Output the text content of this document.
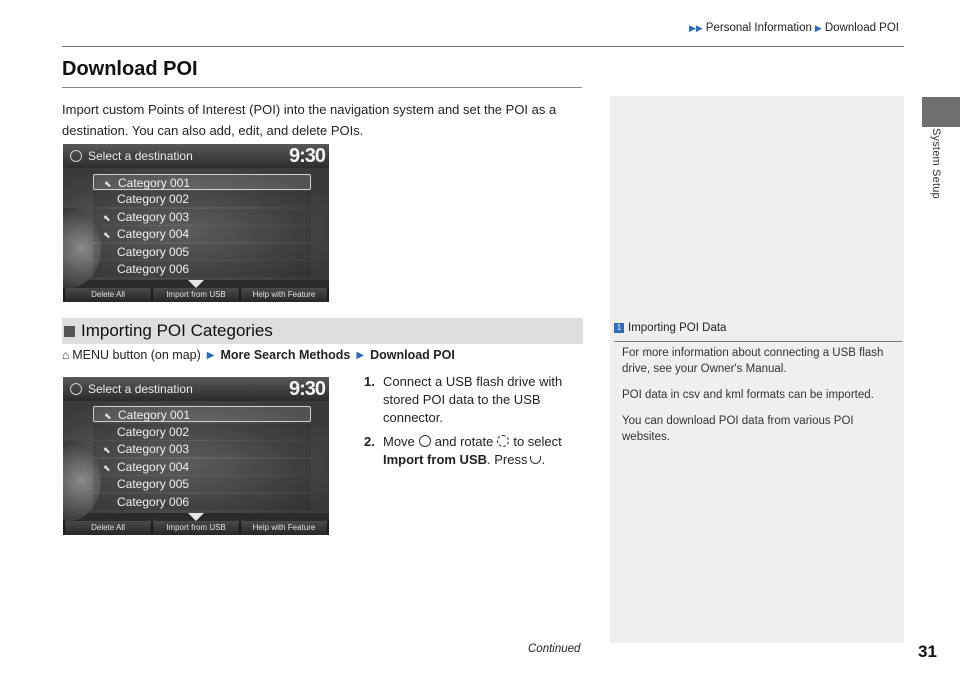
▶▶ Personal Information ▶ Download POI
System Setup
Download POI
Import custom Points of Interest (POI) into the navigation system and set the POI as a destination. You can also add, edit, and delete POIs.
1 Importing POI Data
For more information about connecting a USB flash drive, see your Owner's Manual.
POI data in csv and kml formats can be imported.
You can download POI data from various POI websites.
Select a destination	9:30
⬉ Category 001
Category 002
⬉ Category 003
⬉ Category 004
Category 005
Category 006
Delete All	Import from USB	Help with Feature
Importing POI Categories
⌂ MENU button (on map) ▶ More Search Methods ▶ Download POI
Select a destination	9:30
⬉ Category 001
Category 002
⬉ Category 003
⬉ Category 004
Category 005
Category 006
Delete All	Import from USB	Help with Feature
1. Connect a USB flash drive with stored POI data to the USB connector.
2. Move and rotate to select Import from USB. Press .
Continued	31
